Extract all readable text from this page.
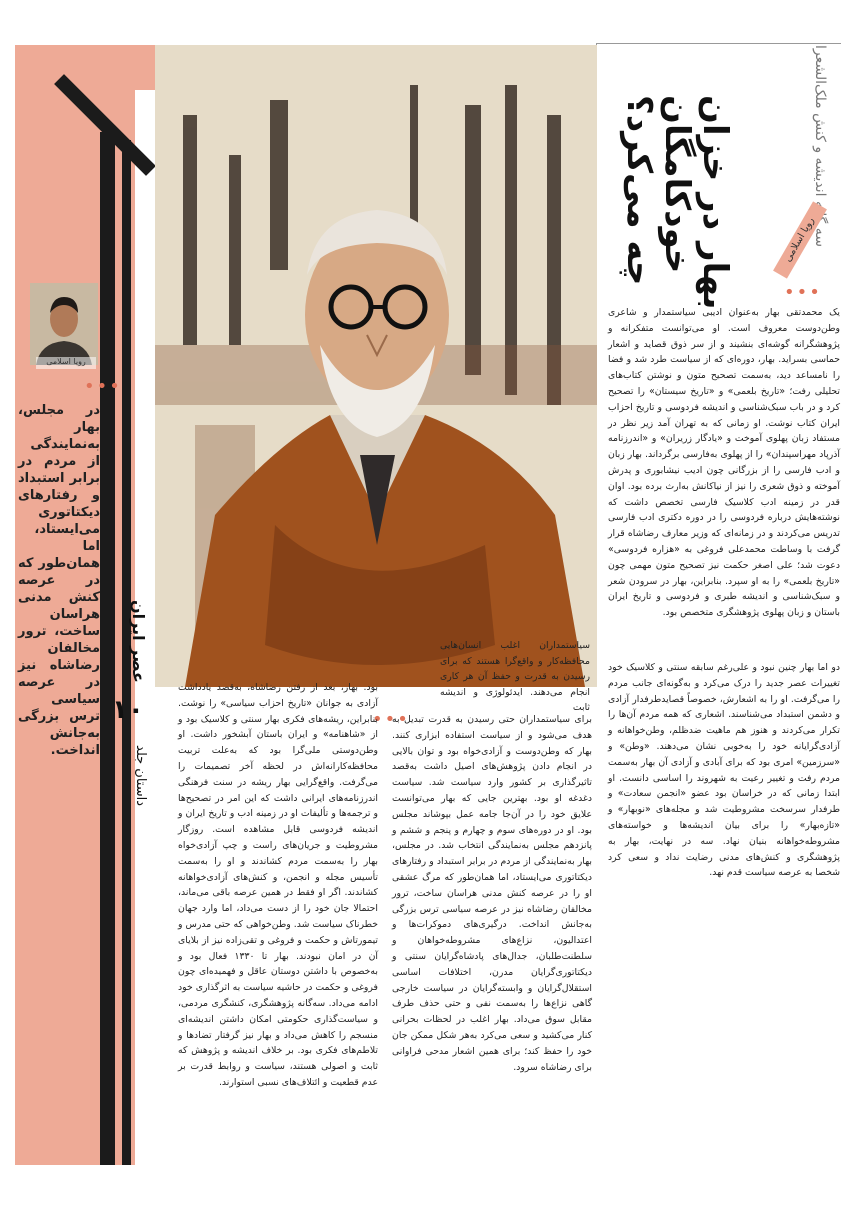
رویا اسلامی
سه گانه اندیشه و کنش ملک‌الشعرا
بهار در خزان
خودکامگان
چه می‌کرد؟	رویا اسلامی
•••
•••
•••
در مجلس، بهار به‌نمایندگی از مردم در برابر استبداد و رفتارهای دیکتاتوری می‌ایستاد، اما همان‌طور که در عرصه کنش مدنی هراسان ساخت، ترور مخالفان رضاشاه نیز در عرصه سیاسی ترس بزرگی به‌جانش انداخت.
عصر ایران
۱۰
داستان جلد
یک محمدتقی بهار به‌عنوان ادیبی سیاستمدار و شاعری وطن‌دوست معروف است. او می‌توانست متفکرانه و پژوهشگرانه گوشه‌ای بنشیند و از سر ذوق قصاید و اشعار حماسی بسراید. بهار، دوره‌ای که از سیاست طرد شد و فضا را نامساعد دید، به‌سمت تصحیح متون و نوشتن کتاب‌های تحلیلی رفت؛ «تاریخ بلعمی» و «تاریخ سیستان» را تصحیح کرد و در باب سبک‌شناسی و اندیشه فردوسی و تاریخ احزاب ایران کتاب نوشت. او زمانی که به تهران آمد زیر نظر در مستفاد زبان پهلوی آموخت و «یادگار زریران» و «اندرزنامه آذرپاد مهراسپندان» را از پهلوی به‌فارسی برگرداند. بهار زبان و ادب فارسی را از بزرگانی چون ادیب نیشابوری و پدرش آموخته و ذوق شعری را نیز از نیاکانش به‌ارث برده بود. اوان قدر در زمینه ادب کلاسیک فارسی تخصص داشت که نوشته‌هایش درباره فردوسی را در دوره دکتری ادب فارسی تدریس می‌کردند و در زمانه‌ای که وزیر معارف رضاشاه قرار گرفت با وساطت محمدعلی فروغی به «هزاره فردوسی» دعوت شد؛ علی اصغر حکمت نیز تصحیح متون مهمی چون «تاریخ بلعمی» را به او سپرد. بنابراین، بهار در سرودن شعر و سبک‌شناسی و اندیشه طبری و فردوسی و تاریخ ایران باستان و زبان پهلوی پژوهشگری متخصص بود.
دو اما بهار چنین نبود و علی‌رغم سابقه سنتی و کلاسیک خود تغییرات عصر جدید را درک می‌کرد و به‌گونه‌ای جانب مردم را می‌گرفت. او را به اشعارش، خصوصاً قصایدطرفدار آزادی و دشمن استبداد می‌شناسند. اشعاری که همه مردم آن‌ها را تکرار می‌کردند و هنوز هم ماهیت ضدظلم، وطن‌خواهانه و آزادی‌گرایانه خود را به‌خوبی نشان می‌دهند. «وطن» و «سرزمین» امری بود که برای آبادی و آزادی آن بهار به‌سمت مردم رفت و تغییر رعیت به شهروند را اساسی دانست. او ابتدا زمانی که در خراسان بود عضو «انجمن سعادت» و طرفدار سرسخت مشروطیت شد و مجله‌های «نوبهار» و «تازه‌بهار» را برای بیان اندیشه‌ها و خواسته‌های مشروطه‌خواهانه بنیان نهاد. سه در نهایت، بهار به پژوهشگری و کنش‌های مدنی رضایت نداد و سعی کرد شخصا به عرصه سیاست قدم نهد.
سیاستمداران اغلب انسان‌هایی محافظه‌کار و واقع‌گرا هستند که برای رسیدن به قدرت و حفظ آن هر کاری انجام می‌دهند. ایدئولوژی و اندیشه ثابت
برای سیاستمداران حتی رسیدن به قدرت تبدیل به هدف می‌شود و از سیاست استفاده ابزاری کنند. بهار که وطن‌دوست و آزادی‌خواه بود و توان بالایی در انجام دادن پژوهش‌های اصیل داشت به‌قصد تاثیرگذاری بر کشور وارد سیاست شد. سیاست دغدغه او بود. بهترین جایی که بهار می‌توانست علایق خود را در آن‌جا جامه عمل بپوشاند مجلس بود. او در دوره‌های سوم و چهارم و پنجم و ششم و پانزدهم مجلس به‌نمایندگی انتخاب شد. در مجلس، بهار به‌نمایندگی از مردم در برابر استبداد و رفتارهای دیکتاتوری می‌ایستاد، اما همان‌طور که مرگ عشقی او را در عرصه کنش مدنی هراسان ساخت، ترور مخالفان رضاشاه نیز در عرصه سیاسی ترس بزرگی به‌جانش انداخت. درگیری‌های دموکرات‌ها و اعتدالیون، نزاع‌های مشروطه‌خواهان و سلطنت‌طلبان، جدال‌های پادشاه‌گرایان سنتی و دیکتاتوری‌گرایان مدرن، اختلافات اساسی استقلال‌گرایان و وابسته‌گرایان در سیاست خارجی گاهی نزاع‌ها را به‌سمت نفی و حتی حذف طرف مقابل سوق می‌داد. بهار اغلب در لحظات بحرانی کنار می‌کشید و سعی می‌کرد به‌هر شکل ممکن جان خود را حفظ کند؛ برای همین اشعار مدحی فراوانی برای رضاشاه سرود.
بود. بهار، بعد از رفتن رضاشاه، به‌قصد یادداشت آزادی به جوانان «تاریخ احزاب سیاسی» را نوشت. بنابراین، ریشه‌های فکری بهار سنتی و کلاسیک بود و از «شاهنامه» و ایران باستان آبشخور داشت. او وطن‌دوستی ملی‌گرا بود که به‌علت تربیت محافظه‌کارانه‌اش در لحظه آخر تصمیمات را می‌گرفت. واقع‌گرایی بهار ریشه در سنت فرهنگی اندرزنامه‌های ایرانی داشت که این امر در تصحیح‌ها و ترجمه‌ها و تألیفات او در زمینه ادب و تاریخ ایران و اندیشه فردوسی قابل مشاهده است. روزگار مشروطیت و جریان‌های راست و چپ آزادی‌خواه بهار را به‌سمت مردم کشاندند و او را به‌سمت تأسیس مجله و انجمن، و کنش‌های آزادی‌خواهانه کشاندند. اگر او فقط در همین عرصه باقی می‌ماند، احتمالا جان خود را از دست می‌داد، اما وارد جهان خطرناک سیاست شد. وطن‌خواهی که حتی مدرس و تیمورتاش و حکمت و فروغی و تقی‌زاده نیز از بلایای آن در امان نبودند. بهار تا ۱۳۳۰ فعال بود و به‌خصوص با داشتن دوستان عاقل و فهمیده‌ای چون فروغی و حکمت در حاشیه سیاست به اثرگذاری خود ادامه می‌داد. سه‌گانه پژوهشگری، کنشگری مردمی، و سیاست‌گذاری حکومتی امکان داشتن اندیشه‌ای منسجم را کاهش می‌داد و بهار نیز گرفتار تضادها و تلاطم‌های فکری بود. بر خلاف اندیشه و پژوهش که ثابت و اصولی هستند، سیاست و روابط قدرت بر عدم قطعیت و ائتلاف‌های نسبی استوارند.
